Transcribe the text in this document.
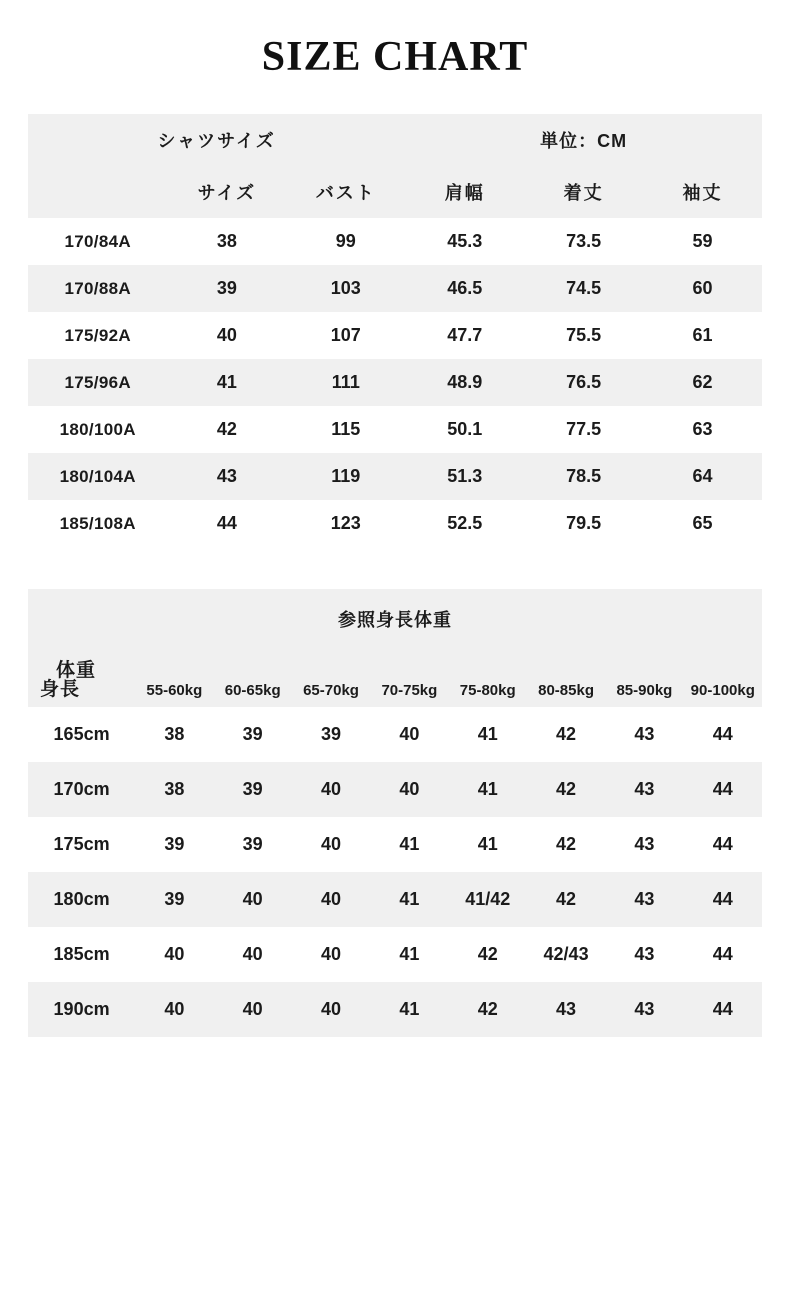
SIZE CHART
シャツサイズ			単位：CM		
	サイズ	バスト	肩幅	着丈	袖丈
170/84A	38	99	45.3	73.5	59
170/88A	39	103	46.5	74.5	60
175/92A	40	107	47.7	75.5	61
175/96A	41	111	48.9	76.5	62
180/100A	42	115	50.1	77.5	63
180/104A	43	119	51.3	78.5	64
185/108A	44	123	52.5	79.5	65
参照身長体重								

体重
身長	55-60kg	60-65kg	65-70kg	70-75kg	75-80kg	80-85kg	85-90kg	90-100kg
165cm	38	39	39	40	41	42	43	44
170cm	38	39	40	40	41	42	43	44
175cm	39	39	40	41	41	42	43	44
180cm	39	40	40	41	41/42	42	43	44
185cm	40	40	40	41	42	42/43	43	44
190cm	40	40	40	41	42	43	43	44
